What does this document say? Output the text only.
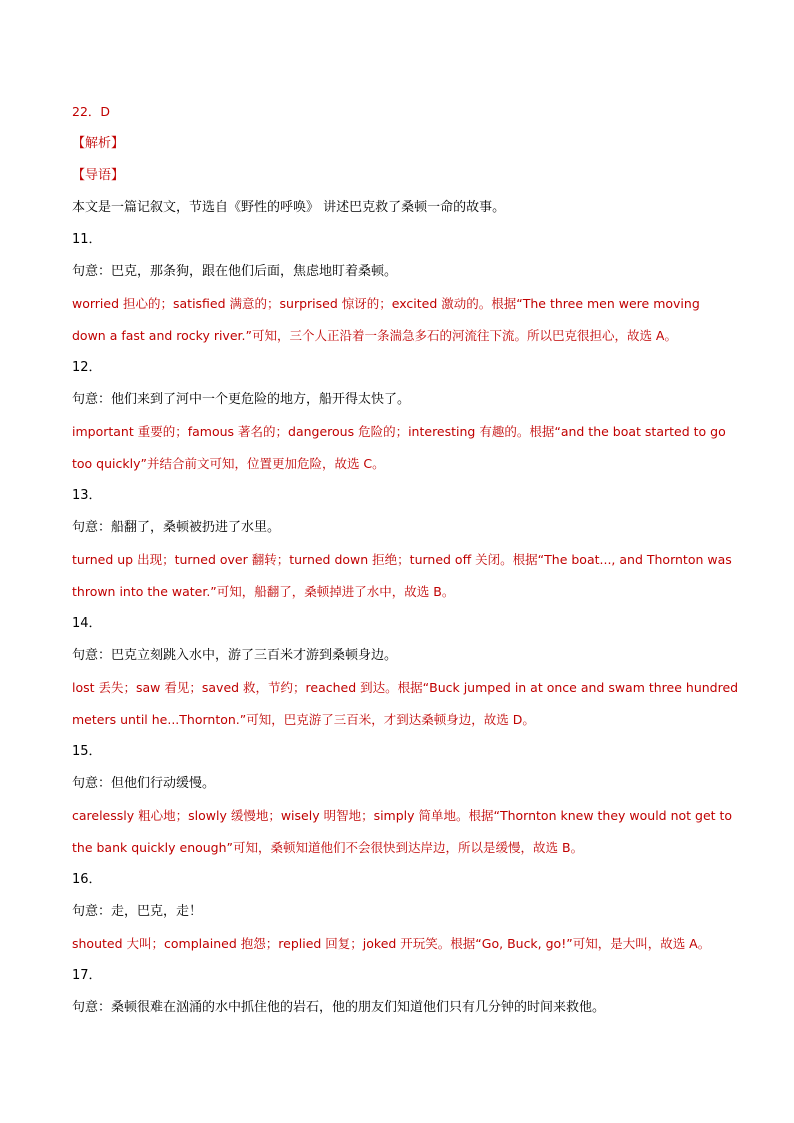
22．D

【解析】

【导语】

本文是一篇记叙文，节选自《野性的呼唤》 讲述巴克救了桑顿一命的故事。

11．

句意：巴克，那条狗，跟在他们后面，焦虑地盯着桑顿。

worried 担心的；satisfied 满意的；surprised 惊讶的；excited 激动的。根据“The three men were moving

down a fast and rocky river.”可知，三个人正沿着一条湍急多石的河流往下流。所以巴克很担心，故选 A。

12．

句意：他们来到了河中一个更危险的地方，船开得太快了。

important 重要的；famous 著名的；dangerous 危险的；interesting 有趣的。根据“and the boat started to go

too quickly”并结合前文可知，位置更加危险，故选 C。

13．

句意：船翻了，桑顿被扔进了水里。

turned up 出现；turned over 翻转；turned down 拒绝；turned off 关闭。根据“The boat..., and Thornton was

thrown into the water.”可知，船翻了，桑顿掉进了水中，故选 B。

14．

句意：巴克立刻跳入水中，游了三百米才游到桑顿身边。

lost 丢失；saw 看见；saved 救，节约；reached 到达。根据“Buck jumped in at once and swam three hundred

meters until he...Thornton.”可知，巴克游了三百米，才到达桑顿身边，故选 D。

15．

句意：但他们行动缓慢。

carelessly 粗心地；slowly 缓慢地；wisely 明智地；simply 简单地。根据“Thornton knew they would not get to

the bank quickly enough”可知，桑顿知道他们不会很快到达岸边，所以是缓慢，故选 B。

16．

句意：走，巴克，走！

shouted 大叫；complained 抱怨；replied 回复；joked 开玩笑。根据“Go, Buck, go!”可知，是大叫，故选 A。

17．

句意：桑顿很难在汹涌的水中抓住他的岩石，他的朋友们知道他们只有几分钟的时间来救他。
